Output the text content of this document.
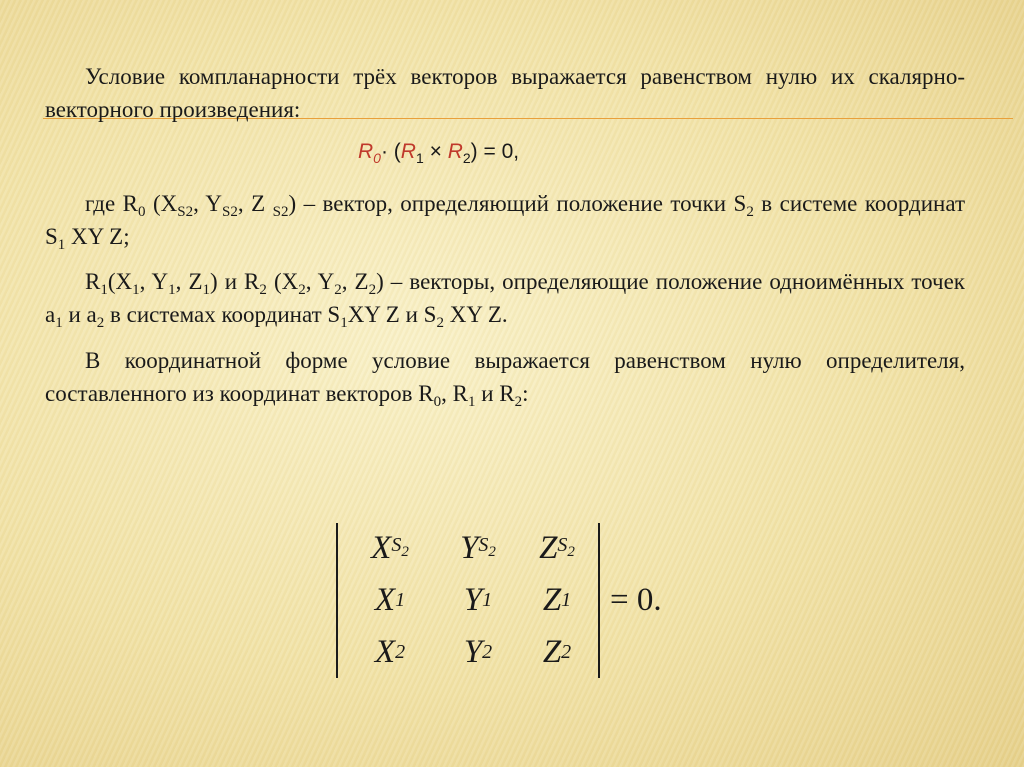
Условие компланарности трёх векторов выражается равенством нулю их скалярно-векторного произведения:

$R_0\cdot (R_1 \times R_2) = 0$,

где $R_0$ ($X_{S2}$, $Y_{S2}$, Z $_{S2}$) – вектор, определяющий положение точки $S_2$ в системе координат $S_1$ XY Z;

$R_1(X_1$, $Y_1$, $Z_1$) и $R_2$ ($X_2$, $Y_2$, $Z_2$) – векторы, определяющие положение одноимённых точек $а_1$ и $а_2$ в системах координат $S_1XY$ Z и $S_2$ XY Z.

В координатной форме условие выражается равенством нулю определителя, составленного из координат векторов $R_0$, $R_1$ и $R_2$:

X $S_2$ Y $S_2$ Z $S_2$
X 1 Y 1 Z 1
X 2 Y 2 Z 2
= 0.
